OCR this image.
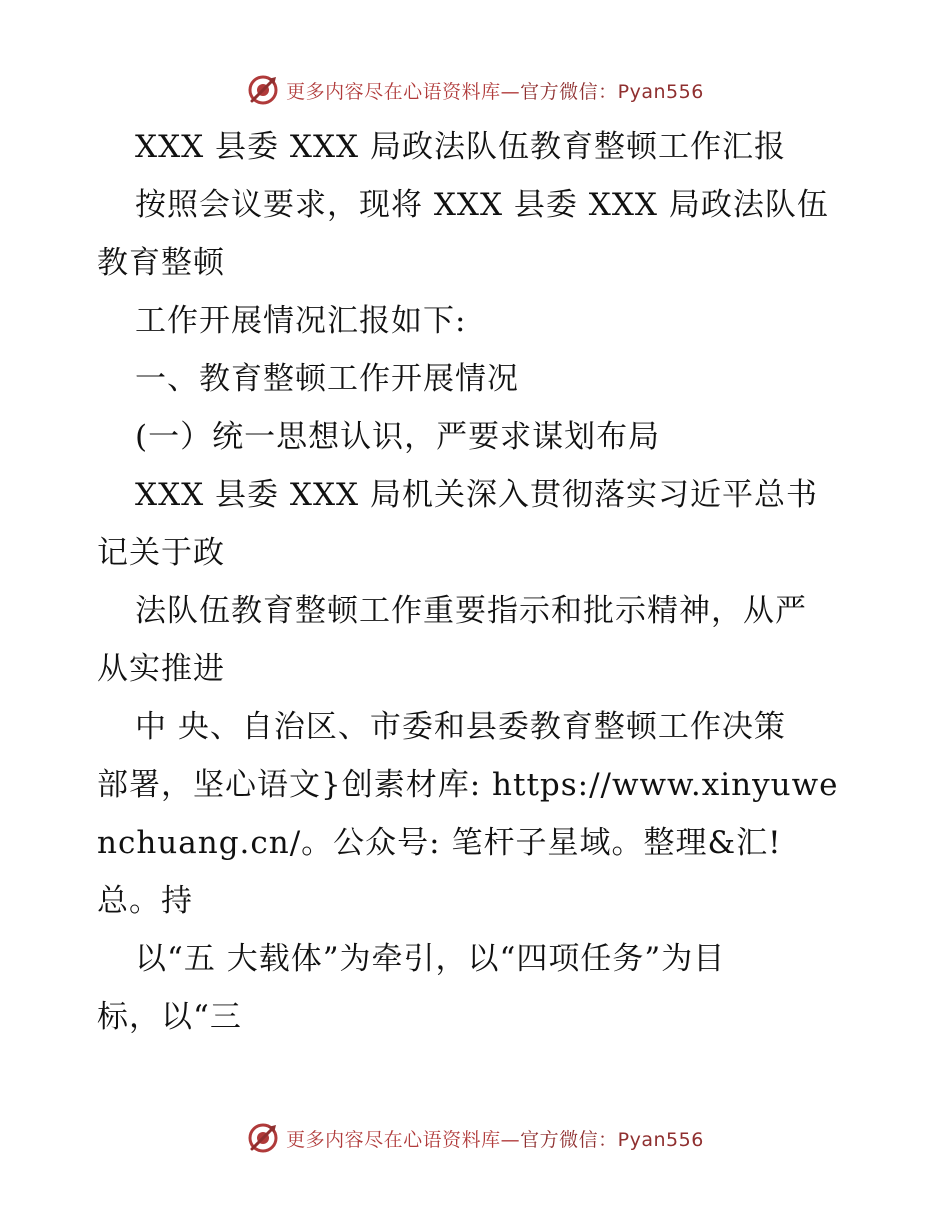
更多内容尽在心语资料库—官方微信：Pyan556
XXX 县委 XXX 局政法队伍教育整顿工作汇报
按照会议要求，现将 XXX 县委 XXX 局政法队伍
教育整顿
工作开展情况汇报如下:
一、教育整顿工作开展情况
(一）统一思想认识，严要求谋划布局
XXX 县委 XXX 局机关深入贯彻落实习近平总书
记关于政
法队伍教育整顿工作重要指示和批示精神，从严
从实推进
中 央、自治区、市委和县委教育整顿工作决策
部署，坚心语文}创素材库: https://www.xinyuwe
nchuang.cn/。公众号: 笔杆子星域。整理&汇!
总。持
以“五 大载体”为牵引，以“四项任务”为目
标，以“三
更多内容尽在心语资料库—官方微信：Pyan556
